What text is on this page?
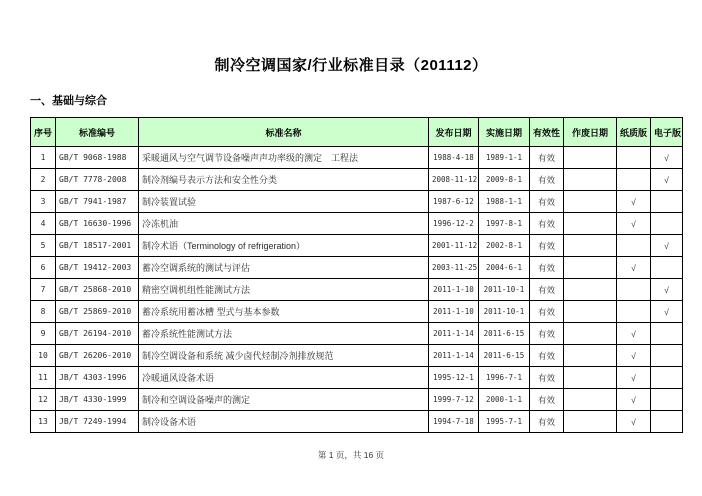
制冷空调国家/行业标准目录（201112）
一、基础与综合
序号	标准编号	标准名称	发布日期	实施日期	有效性	作废日期	纸质版	电子版
1	GB/T 9068-1988	采暖通风与空气调节设备噪声声功率级的测定　工程法	1988-4-18	1989-1-1	有效			√
2	GB/T 7778-2008	制冷剂编号表示方法和安全性分类	2008-11-12	2009-8-1	有效			√
3	GB/T 7941-1987	制冷装置试验	1987-6-12	1988-1-1	有效		√	
4	GB/T 16630-1996	冷冻机油	1996-12-2	1997-8-1	有效		√	
5	GB/T 18517-2001	制冷术语（Terminology of refrigeration）	2001-11-12	2002-8-1	有效			√
6	GB/T 19412-2003	蓄冷空调系统的测试与评估	2003-11-25	2004-6-1	有效		√	
7	GB/T 25868-2010	精密空调机组性能测试方法	2011-1-10	2011-10-1	有效			√
8	GB/T 25869-2010	蓄冷系统用蓄冰槽 型式与基本参数	2011-1-10	2011-10-1	有效			√
9	GB/T 26194-2010	蓄冷系统性能测试方法	2011-1-14	2011-6-15	有效		√	
10	GB/T 26206-2010	制冷空调设备和系统 减少卤代烃制冷剂排放规范	2011-1-14	2011-6-15	有效		√	
11	JB/T 4303-1996	冷暖通风设备术语	1995-12-1	1996-7-1	有效		√	
12	JB/T 4330-1999	制冷和空调设备噪声的测定	1999-7-12	2000-1-1	有效		√	
13	JB/T 7249-1994	制冷设备术语	1994-7-18	1995-7-1	有效		√	
第 1 页，共 16 页
